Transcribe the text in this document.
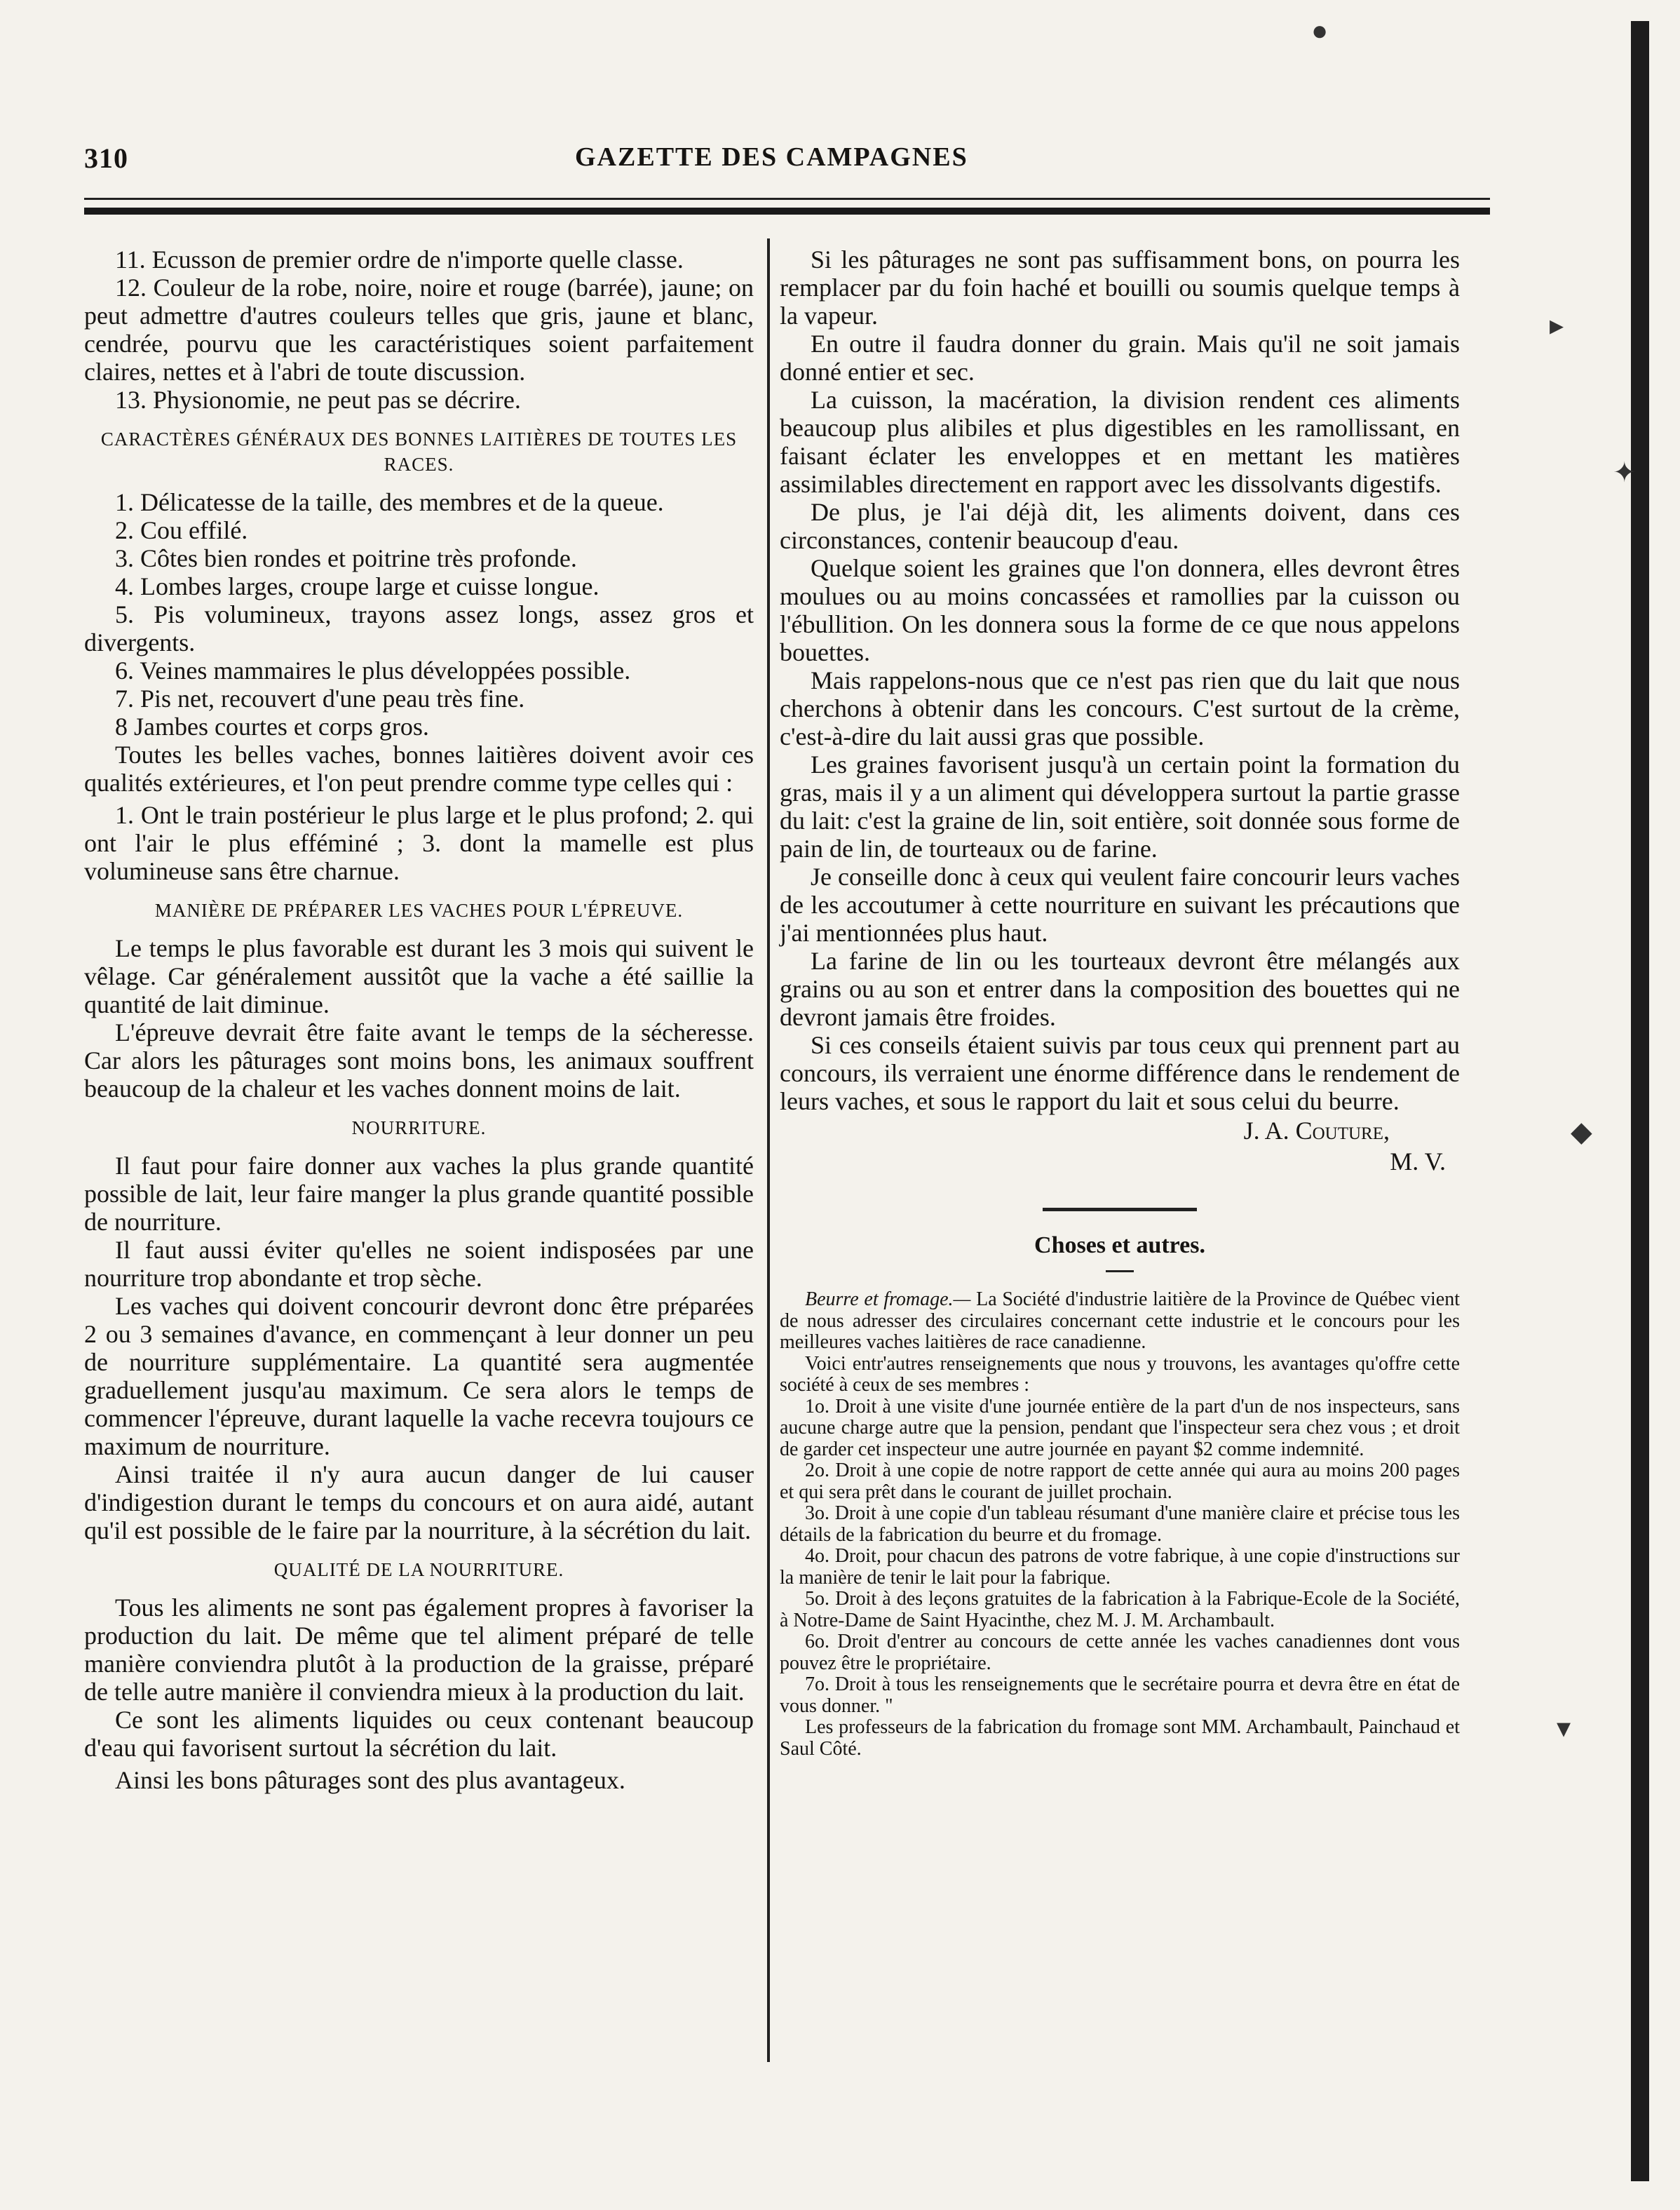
310	GAZETTE DES CAMPAGNES

11. Ecusson de premier ordre de n'importe quelle classe.

12. Couleur de la robe, noire, noire et rouge (barrée), jaune; on peut admettre d'autres couleurs telles que gris, jaune et blanc, cendrée, pourvu que les caractéristiques soient parfaitement claires, nettes et à l'abri de toute discussion.

13. Physionomie, ne peut pas se décrire.

CARACTÈRES GÉNÉRAUX DES BONNES LAITIÈRES DE TOUTES LES RACES.

1. Délicatesse de la taille, des membres et de la queue.

2. Cou effilé.

3. Côtes bien rondes et poitrine très profonde.

4. Lombes larges, croupe large et cuisse longue.

5. Pis volumineux, trayons assez longs, assez gros et divergents.

6. Veines mammaires le plus développées possible.

7. Pis net, recouvert d'une peau très fine.

8 Jambes courtes et corps gros.

Toutes les belles vaches, bonnes laitières doivent avoir ces qualités extérieures, et l'on peut prendre comme type celles qui :

1. Ont le train postérieur le plus large et le plus profond; 2. qui ont l'air le plus efféminé ; 3. dont la mamelle est plus volumineuse sans être charnue.

MANIÈRE DE PRÉPARER LES VACHES POUR L'ÉPREUVE.

Le temps le plus favorable est durant les 3 mois qui suivent le vêlage. Car généralement aussitôt que la vache a été saillie la quantité de lait diminue.

L'épreuve devrait être faite avant le temps de la sécheresse. Car alors les pâturages sont moins bons, les animaux souffrent beaucoup de la chaleur et les vaches donnent moins de lait.

NOURRITURE.

Il faut pour faire donner aux vaches la plus grande quantité possible de lait, leur faire manger la plus grande quantité possible de nourriture.

Il faut aussi éviter qu'elles ne soient indisposées par une nourriture trop abondante et trop sèche.

Les vaches qui doivent concourir devront donc être préparées 2 ou 3 semaines d'avance, en commençant à leur donner un peu de nourriture supplémentaire. La quantité sera augmentée graduellement jusqu'au maximum. Ce sera alors le temps de commencer l'épreuve, durant laquelle la vache recevra toujours ce maximum de nourriture.

Ainsi traitée il n'y aura aucun danger de lui causer d'indigestion durant le temps du concours et on aura aidé, autant qu'il est possible de le faire par la nourriture, à la sécrétion du lait.

QUALITÉ DE LA NOURRITURE.

Tous les aliments ne sont pas également propres à favoriser la production du lait. De même que tel aliment préparé de telle manière conviendra plutôt à la production de la graisse, préparé de telle autre manière il conviendra mieux à la production du lait.

Ce sont les aliments liquides ou ceux contenant beaucoup d'eau qui favorisent surtout la sécrétion du lait.

Ainsi les bons pâturages sont des plus avantageux.

Si les pâturages ne sont pas suffisamment bons, on pourra les remplacer par du foin haché et bouilli ou soumis quelque temps à la vapeur.

En outre il faudra donner du grain. Mais qu'il ne soit jamais donné entier et sec.

La cuisson, la macération, la division rendent ces aliments beaucoup plus alibiles et plus digestibles en les ramollissant, en faisant éclater les enveloppes et en mettant les matières assimilables directement en rapport avec les dissolvants digestifs.

De plus, je l'ai déjà dit, les aliments doivent, dans ces circonstances, contenir beaucoup d'eau.

Quelque soient les graines que l'on donnera, elles devront êtres moulues ou au moins concassées et ramollies par la cuisson ou l'ébullition. On les donnera sous la forme de ce que nous appelons bouettes.

Mais rappelons-nous que ce n'est pas rien que du lait que nous cherchons à obtenir dans les concours. C'est surtout de la crème, c'est-à-dire du lait aussi gras que possible.

Les graines favorisent jusqu'à un certain point la formation du gras, mais il y a un aliment qui développera surtout la partie grasse du lait: c'est la graine de lin, soit entière, soit donnée sous forme de pain de lin, de tourteaux ou de farine.

Je conseille donc à ceux qui veulent faire concourir leurs vaches de les accoutumer à cette nourriture en suivant les précautions que j'ai mentionnées plus haut.

La farine de lin ou les tourteaux devront être mélangés aux grains ou au son et entrer dans la composition des bouettes qui ne devront jamais être froides.

Si ces conseils étaient suivis par tous ceux qui prennent part au concours, ils verraient une énorme différence dans le rendement de leurs vaches, et sous le rapport du lait et sous celui du beurre.

J. A. Couture,
M. V.
Choses et autres.

Beurre et fromage.— La Société d'industrie laitière de la Province de Québec vient de nous adresser des circulaires concernant cette industrie et le concours pour les meilleures vaches laitières de race canadienne.

Voici entr'autres renseignements que nous y trouvons, les avantages qu'offre cette société à ceux de ses membres :

1o. Droit à une visite d'une journée entière de la part d'un de nos inspecteurs, sans aucune charge autre que la pension, pendant que l'inspecteur sera chez vous ; et droit de garder cet inspecteur une autre journée en payant $2 comme indemnité.

2o. Droit à une copie de notre rapport de cette année qui aura au moins 200 pages et qui sera prêt dans le courant de juillet prochain.

3o. Droit à une copie d'un tableau résumant d'une manière claire et précise tous les détails de la fabrication du beurre et du fromage.

4o. Droit, pour chacun des patrons de votre fabrique, à une copie d'instructions sur la manière de tenir le lait pour la fabrique.

5o. Droit à des leçons gratuites de la fabrication à la Fabrique-Ecole de la Société, à Notre-Dame de Saint Hyacinthe, chez M. J. M. Archambault.

6o. Droit d'entrer au concours de cette année les vaches canadiennes dont vous pouvez être le propriétaire.

7o. Droit à tous les renseignements que le secrétaire pourra et devra être en état de vous donner. "

Les professeurs de la fabrication du fromage sont MM. Archambault, Painchaud et Saul Côté.

▸
✦
◆
▾
●
